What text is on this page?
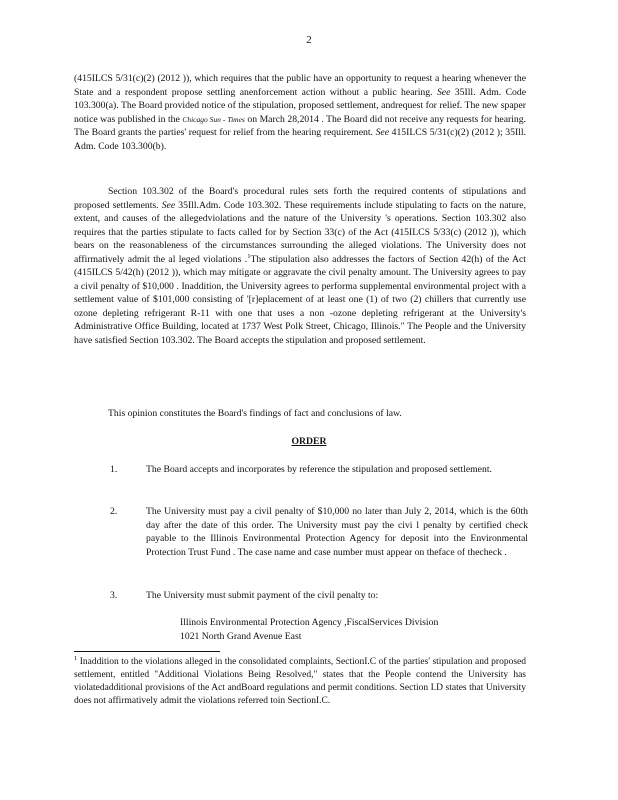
2

(415ILCS 5/31(c)(2) (2012 )), which requires that the public have an opportunity to request a hearing whenever the State and a respondent propose settling anenforcement action without a public hearing. See 35Ill. Adm. Code 103.300(a). The Board provided notice of the stipulation, proposed settlement, andrequest for relief. The new spaper notice was published in the Chicago Sun - Times on March 28,2014 . The Board did not receive any requests for hearing. The Board grants the parties' request for relief from the hearing requirement. See 415ILCS 5/31(c)(2) (2012 ); 35Ill. Adm. Code 103.300(b).

Section 103.302 of the Board's procedural rules sets forth the required contents of stipulations and proposed settlements. See 35Ill.Adm. Code 103.302. These requirements include stipulating to facts on the nature, extent, and causes of the allegedviolations and the nature of the University 's operations. Section 103.302 also requires that the parties stipulate to facts called for by Section 33(c) of the Act (415ILCS 5/33(c) (2012 )), which bears on the reasonableness of the circumstances surrounding the alleged violations. The University does not affirmatively admit the al leged violations .$^1$The stipulation also addresses the factors of Section 42(h) of the Act (415ILCS 5/42(h) (2012 )), which may mitigate or aggravate the civil penalty amount. The University agrees to pay a civil penalty of $10,000 . Inaddition, the University agrees to performa supplemental environmental project with a settlement value of $101,000 consisting of '[r]eplacement of at least one (1) of two (2) chillers that currently use ozone depleting refrigerant R-11 with one that uses a non -ozone depleting refrigerant at the University's Administrative Office Building, located at 1737 West Polk Street, Chicago, Illinois." The People and the University have satisfied Section 103.302. The Board accepts the stipulation and proposed settlement.

This opinion constitutes the Board's findings of fact and conclusions of law.

ORDER
1.	The Board accepts and incorporates by reference the stipulation and proposed settlement.
2.	The University must pay a civil penalty of $10,000 no later than July 2, 2014, which is the 60th day after the date of this order. The University must pay the civi l penalty by certified check payable to the Illinois Environmental Protection Agency for deposit into the Environmental Protection Trust Fund . The case name and case number must appear on theface of thecheck .
3.	The University must submit payment of the civil penalty to:
Illinois Environmental Protection Agency ,FiscalServices Division
1021 North Grand Avenue East

$^1$ Inaddition to the violations alleged in the consolidated complaints, SectionI.C of the parties' stipulation and proposed settlement, entitled "Additional Violations Being Resolved," states that the People contend the University has violatedadditional provisions of the Act andBoard regulations and permit conditions. Section I.D states that University does not affirmatively admit the violations referred toin SectionI.C.
